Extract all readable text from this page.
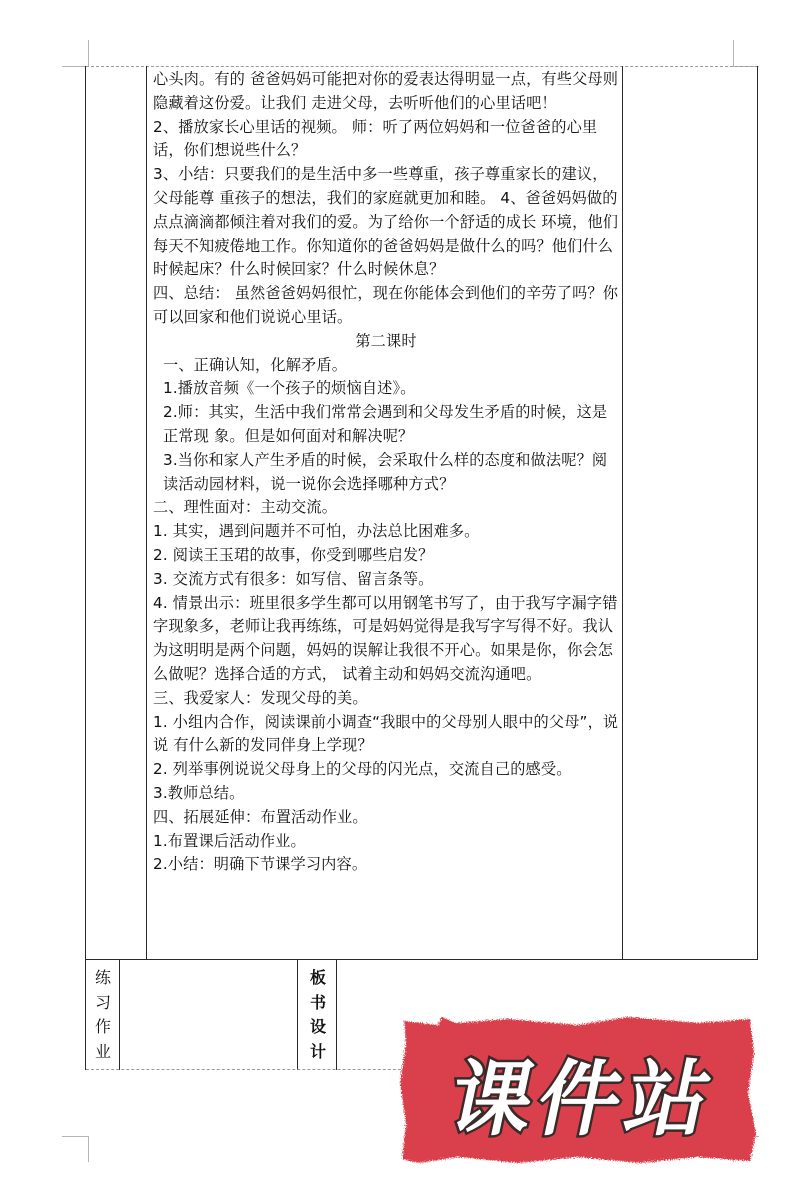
心头肉。有的 爸爸妈妈可能把对你的爱表达得明显一点，有些父母则隐藏着这份爱。让我们 走进父母，去听听他们的心里话吧！

2、播放家长心里话的视频。 师：听了两位妈妈和一位爸爸的心里话，你们想说些什么？

3、小结：只要我们的是生活中多一些尊重，孩子尊重家长的建议，父母能尊 重孩子的想法，我们的家庭就更加和睦。 4、爸爸妈妈做的点点滴滴都倾注着对我们的爱。为了给你一个舒适的成长 环境，他们每天不知疲倦地工作。你知道你的爸爸妈妈是做什么的吗？他们什么 时候起床？什么时候回家？什么时候休息？

四、总结： 虽然爸爸妈妈很忙，现在你能体会到他们的辛劳了吗？你可以回家和他们说说心里话。

第二课时

一、正确认知，化解矛盾。

1.播放音频《一个孩子的烦恼自述》。

2.师：其实，生活中我们常常会遇到和父母发生矛盾的时候，这是正常现 象。但是如何面对和解决呢？

3.当你和家人产生矛盾的时候，会采取什么样的态度和做法呢？阅读活动园材料，说一说你会选择哪种方式？

二、理性面对：主动交流。

1. 其实，遇到问题并不可怕，办法总比困难多。

2. 阅读王玉珺的故事，你受到哪些启发？

3. 交流方式有很多：如写信、留言条等。

4. 情景出示：班里很多学生都可以用钢笔书写了，由于我写字漏字错字现象多，老师让我再练练，可是妈妈觉得是我写字写得不好。我认为这明明是两个问题，妈妈的误解让我很不开心。如果是你，你会怎么做呢？选择合适的方式， 试着主动和妈妈交流沟通吧。

三、我爱家人：发现父母的美。

1. 小组内合作，阅读课前小调查“我眼中的父母别人眼中的父母”，说说 有什么新的发同伴身上学现？

2. 列举事例说说父母身上的父母的闪光点，交流自己的感受。

3.教师总结。

四、拓展延伸：布置活动作业。

1.布置课后活动作业。

2.小结：明确下节课学习内容。

练
习
作
业
板
书
设
计
课件站
